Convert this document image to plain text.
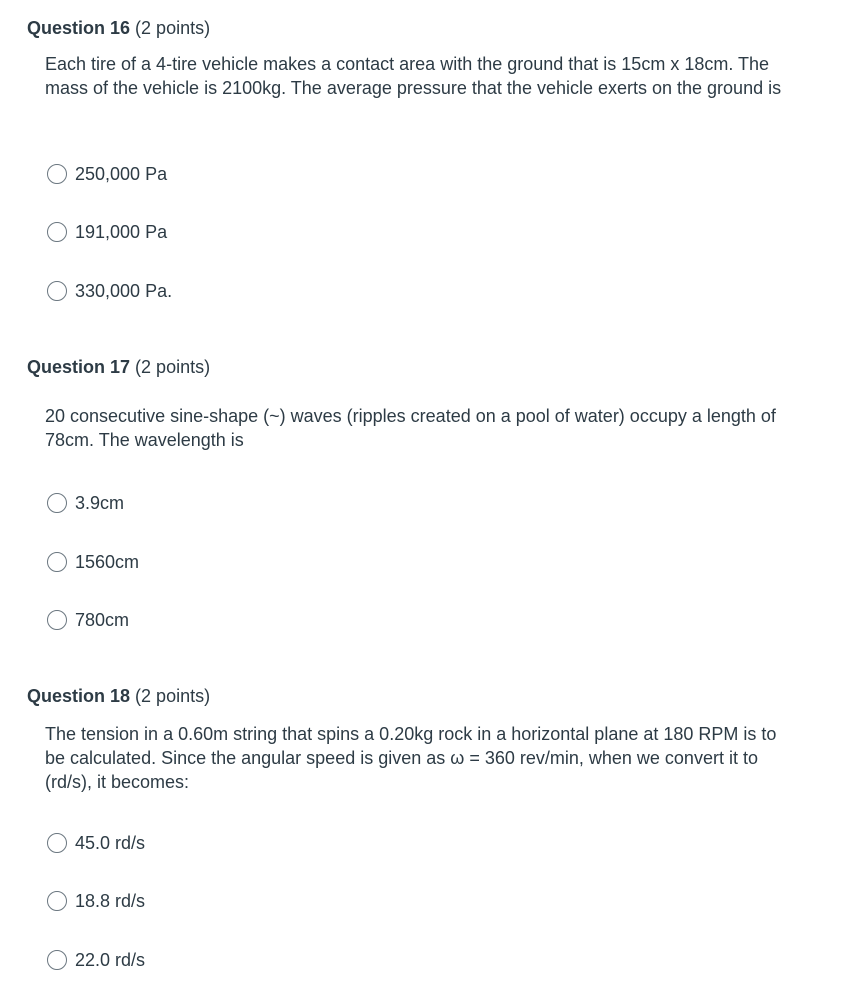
Question 16 (2 points)
Each tire of a 4-tire vehicle makes a contact area with the ground that is 15cm x 18cm. The mass of the vehicle is 2100kg. The average pressure that the vehicle exerts on the ground is
250,000 Pa
191,000 Pa
330,000 Pa.
Question 17 (2 points)
20 consecutive sine-shape (~) waves (ripples created on a pool of water) occupy a length of 78cm. The wavelength is
3.9cm
1560cm
780cm
Question 18 (2 points)
The tension in a 0.60m string that spins a 0.20kg rock in a horizontal plane at 180 RPM is to be calculated. Since the angular speed is given as ω = 360 rev/min, when we convert it to (rd/s), it becomes:
45.0 rd/s
18.8 rd/s
22.0 rd/s
